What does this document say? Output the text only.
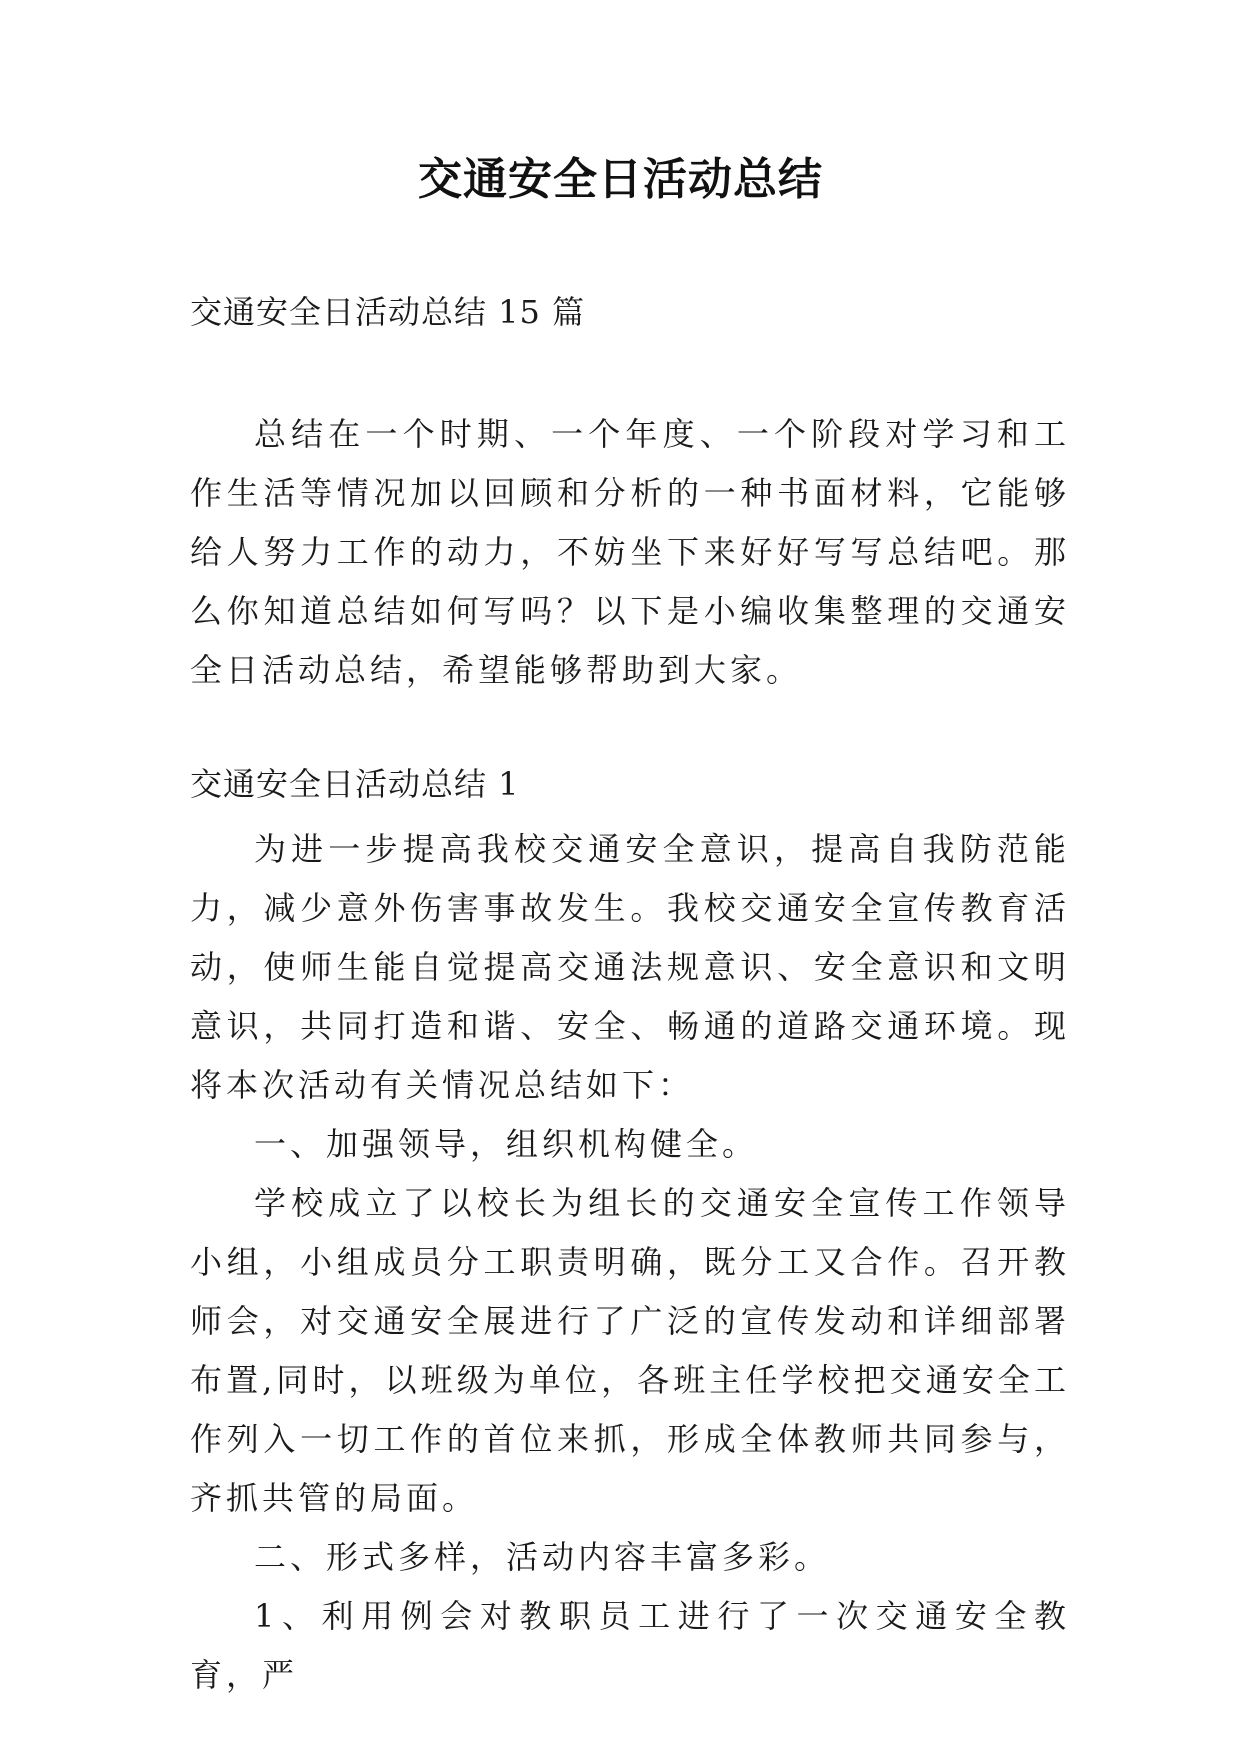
交通安全日活动总结
交通安全日活动总结 15 篇

总结在一个时期、一个年度、一个阶段对学习和工作生活等情况加以回顾和分析的一种书面材料，它能够给人努力工作的动力，不妨坐下来好好写写总结吧。那么你知道总结如何写吗？以下是小编收集整理的交通安全日活动总结，希望能够帮助到大家。

交通安全日活动总结 1

为进一步提高我校交通安全意识，提高自我防范能力，减少意外伤害事故发生。我校交通安全宣传教育活动，使师生能自觉提高交通法规意识、安全意识和文明意识，共同打造和谐、安全、畅通的道路交通环境。现将本次活动有关情况总结如下：

一、加强领导，组织机构健全。

学校成立了以校长为组长的交通安全宣传工作领导小组，小组成员分工职责明确，既分工又合作。召开教师会，对交通安全展进行了广泛的宣传发动和详细部署布置,同时，以班级为单位，各班主任学校把交通安全工作列入一切工作的首位来抓，形成全体教师共同参与，齐抓共管的局面。

二、形式多样，活动内容丰富多彩。

1、利用例会对教职员工进行了一次交通安全教育，严
